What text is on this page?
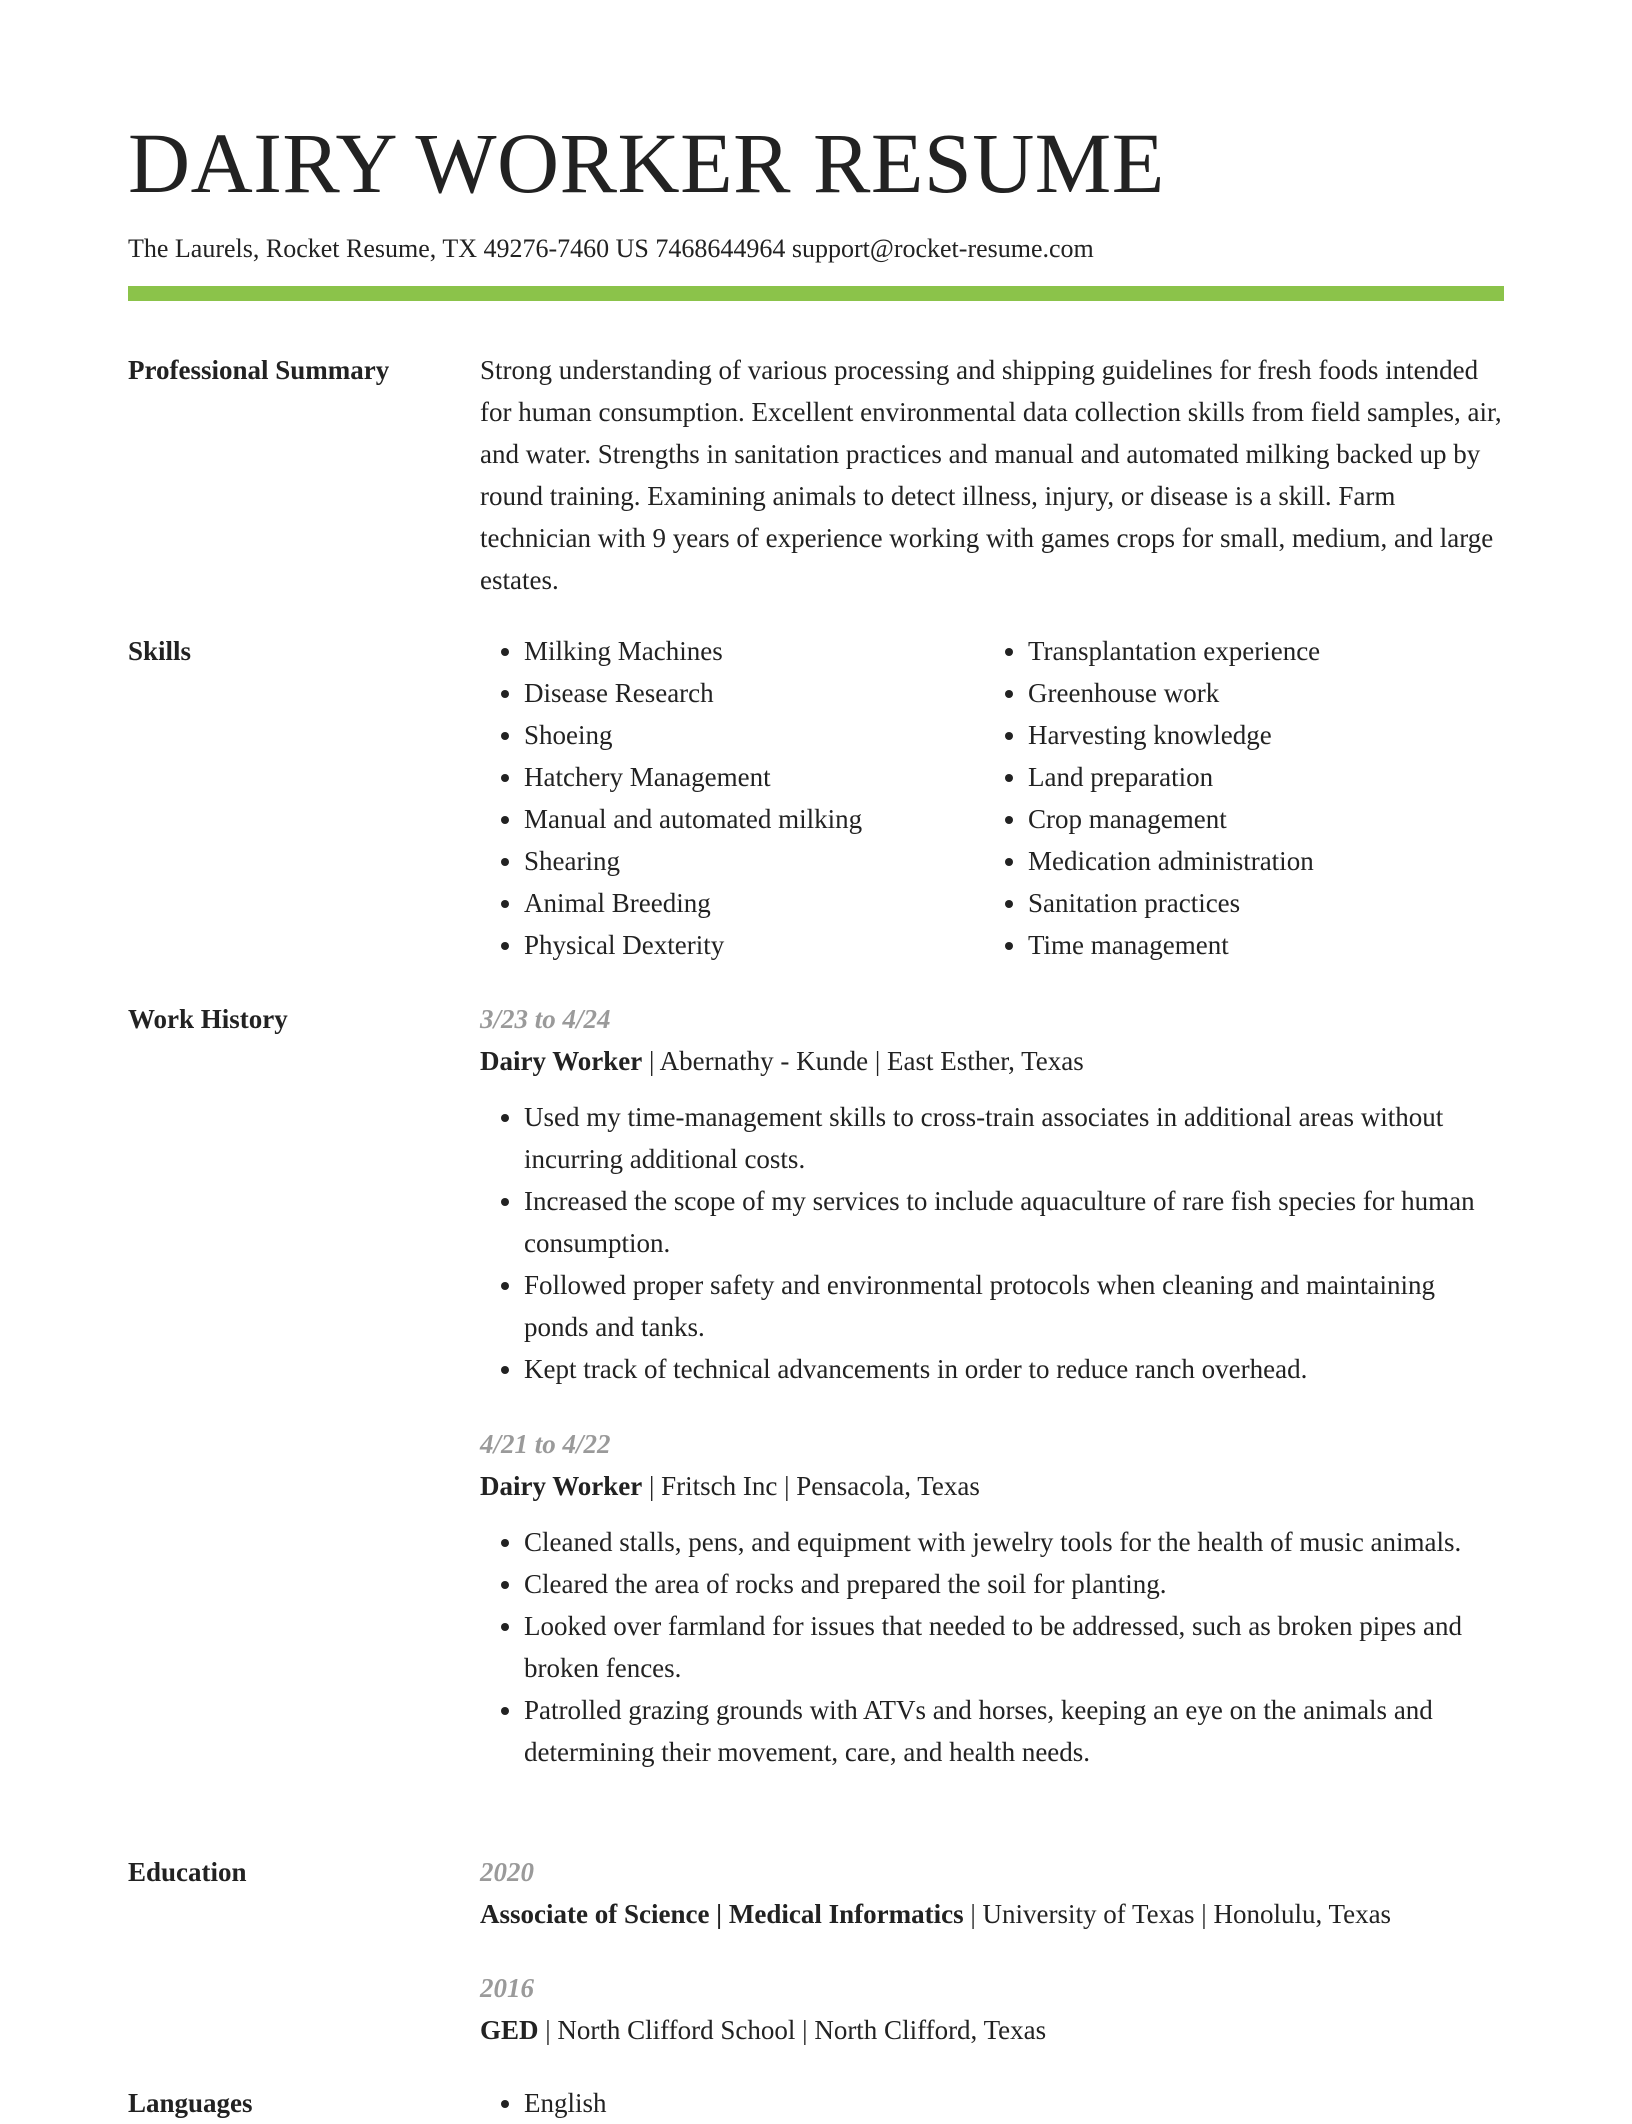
DAIRY WORKER RESUME
The Laurels, Rocket Resume, TX 49276-7460 US 7468644964 support@rocket-resume.com
Professional Summary	Strong understanding of various processing and shipping guidelines for fresh foods intended for human consumption. Excellent environmental data collection skills from field samples, air, and water. Strengths in sanitation practices and manual and automated milking backed up by round training. Examining animals to detect illness, injury, or disease is a skill. Farm technician with 9 years of experience working with games crops for small, medium, and large estates.

Skills	• Milking Machines
• Disease Research
• Shoeing
• Hatchery Management
• Manual and automated milking
• Shearing
• Animal Breeding
• Physical Dexterity
• Transplantation experience
• Greenhouse work
• Harvesting knowledge
• Land preparation
• Crop management
• Medication administration
• Sanitation practices
• Time management
Work History	3/23 to 4/24
Dairy Worker | Abernathy - Kunde | East Esther, Texas
• Used my time-management skills to cross-train associates in additional areas without incurring additional costs.
• Increased the scope of my services to include aquaculture of rare fish species for human consumption.
• Followed proper safety and environmental protocols when cleaning and maintaining ponds and tanks.
• Kept track of technical advancements in order to reduce ranch overhead.
4/21 to 4/22
Dairy Worker | Fritsch Inc | Pensacola, Texas
• Cleaned stalls, pens, and equipment with jewelry tools for the health of music animals.
• Cleared the area of rocks and prepared the soil for planting.
• Looked over farmland for issues that needed to be addressed, such as broken pipes and broken fences.
• Patrolled grazing grounds with ATVs and horses, keeping an eye on the animals and determining their movement, care, and health needs.
Education	2020
Associate of Science | Medical Informatics | University of Texas | Honolulu, Texas
2016
GED | North Clifford School | North Clifford, Texas
Languages	• English
